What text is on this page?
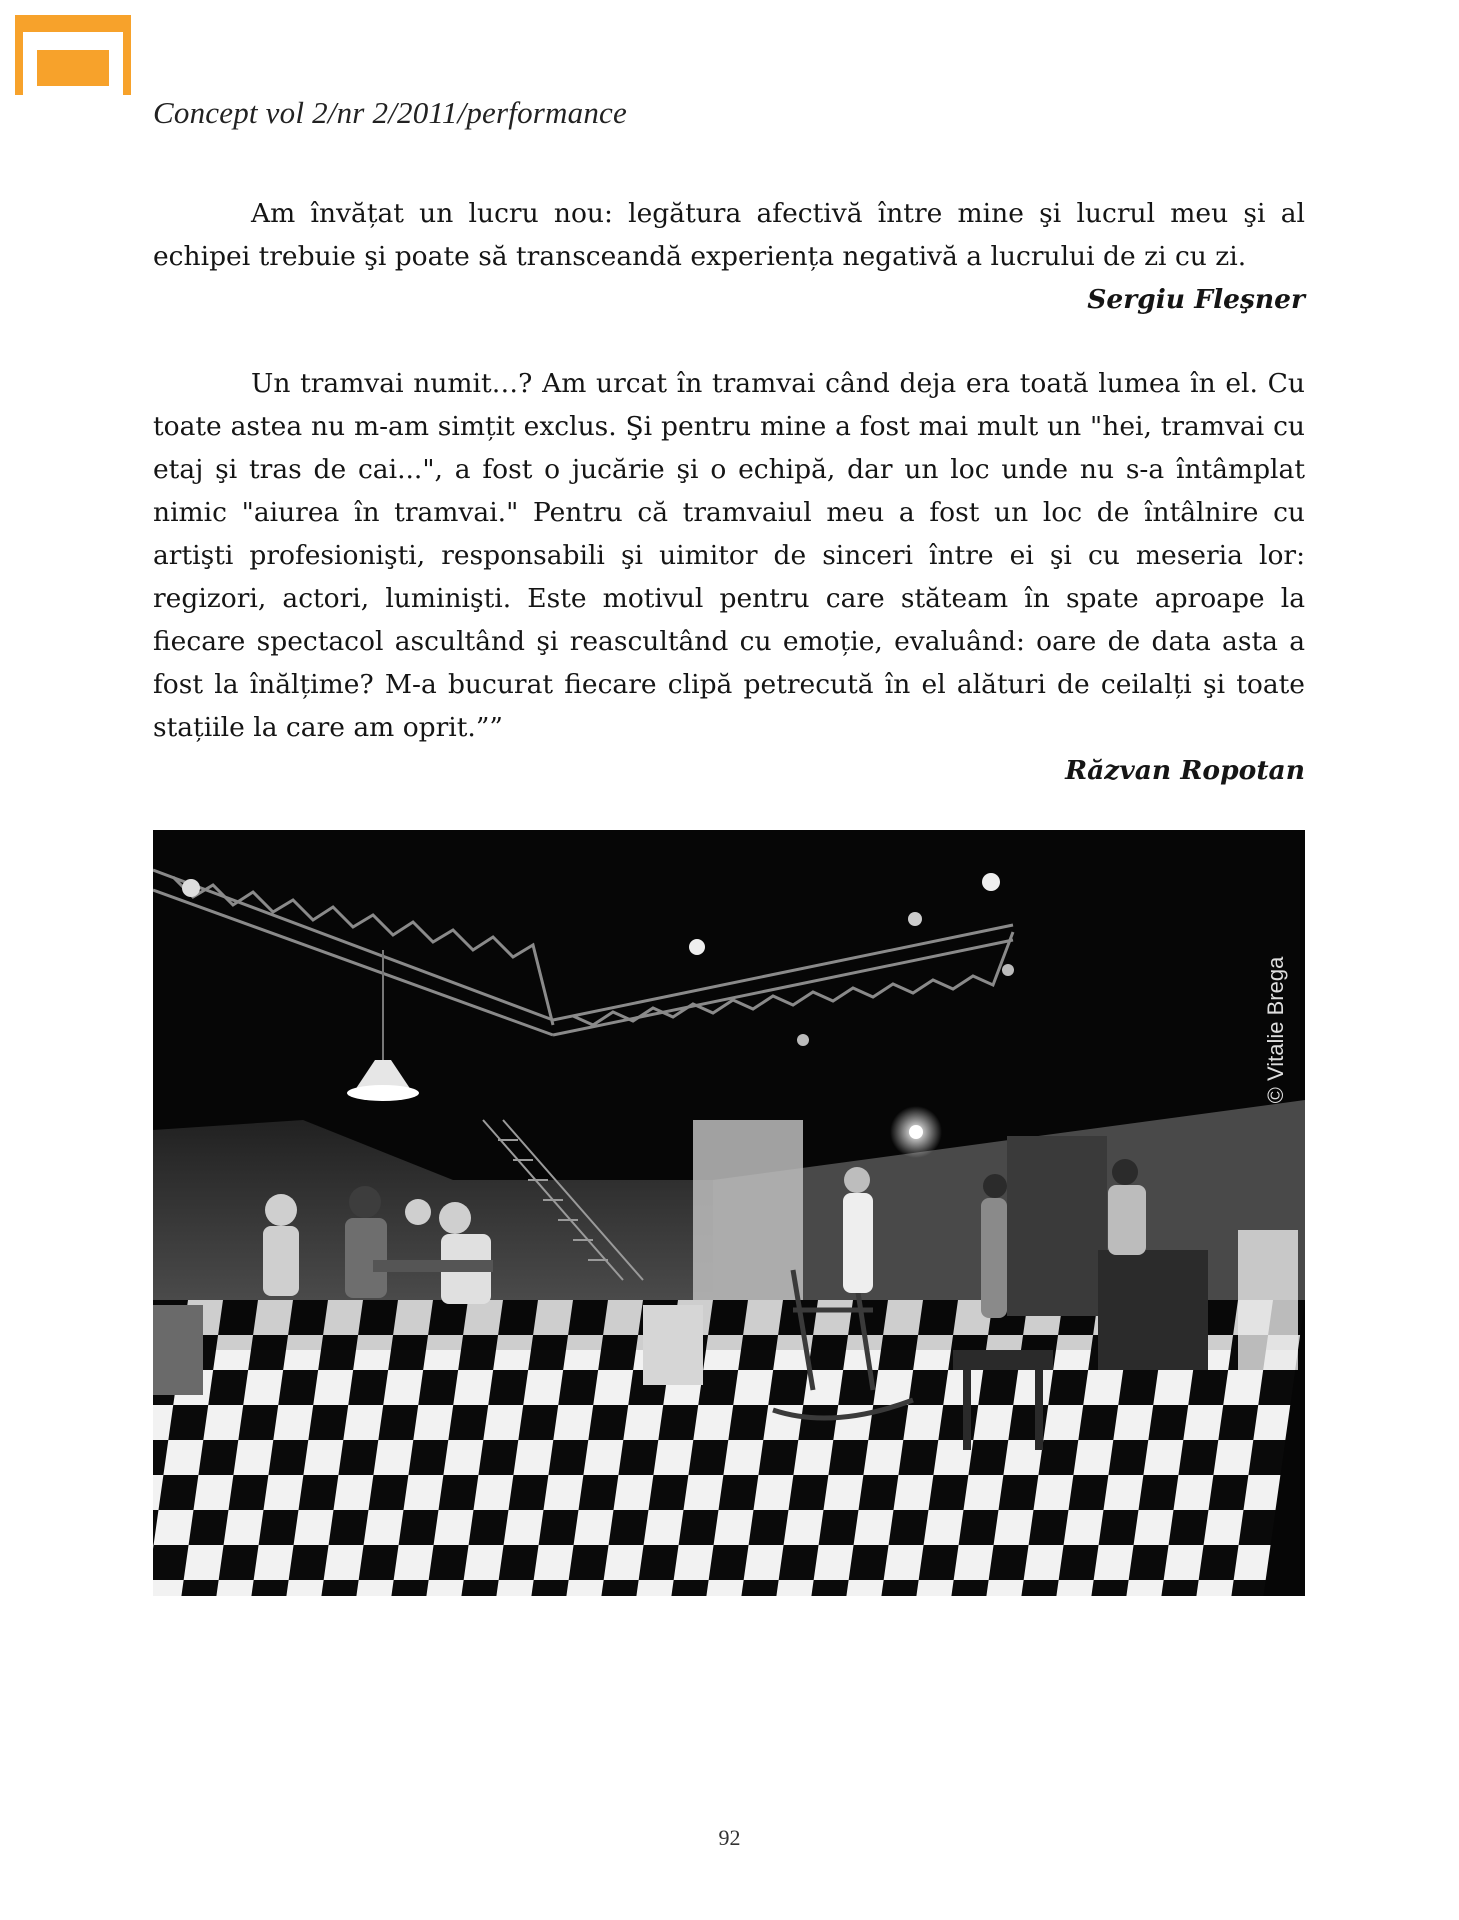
Concept vol 2/nr 2/2011/performance

Am învățat un lucru nou: legătura afectivă între mine şi lucrul meu şi al echipei trebuie şi poate să transceandă experiența negativă a lucrului de zi cu zi.

Sergiu Fleşner

Un tramvai numit…? Am urcat în tramvai când deja era toată lumea în el. Cu toate astea nu m-am simțit exclus. Şi pentru mine a fost mai mult un "hei, tramvai cu etaj şi tras de cai...", a fost o jucărie şi o echipă, dar un loc unde nu s-a întâmplat nimic "aiurea în tramvai." Pentru că tramvaiul meu a fost un loc de întâlnire cu artişti profesionişti, responsabili şi uimitor de sinceri între ei şi cu meseria lor: regizori, actori, luminişti. Este motivul pentru care stăteam în spate aproape la fiecare spectacol ascultând şi reascultând cu emoție, evaluând: oare de data asta a fost la înălțime? M-a bucurat fiecare clipă petrecută în el alături de ceilalți şi toate stațiile la care am oprit.””

Răzvan Ropotan
© Vitalie Brega
92
